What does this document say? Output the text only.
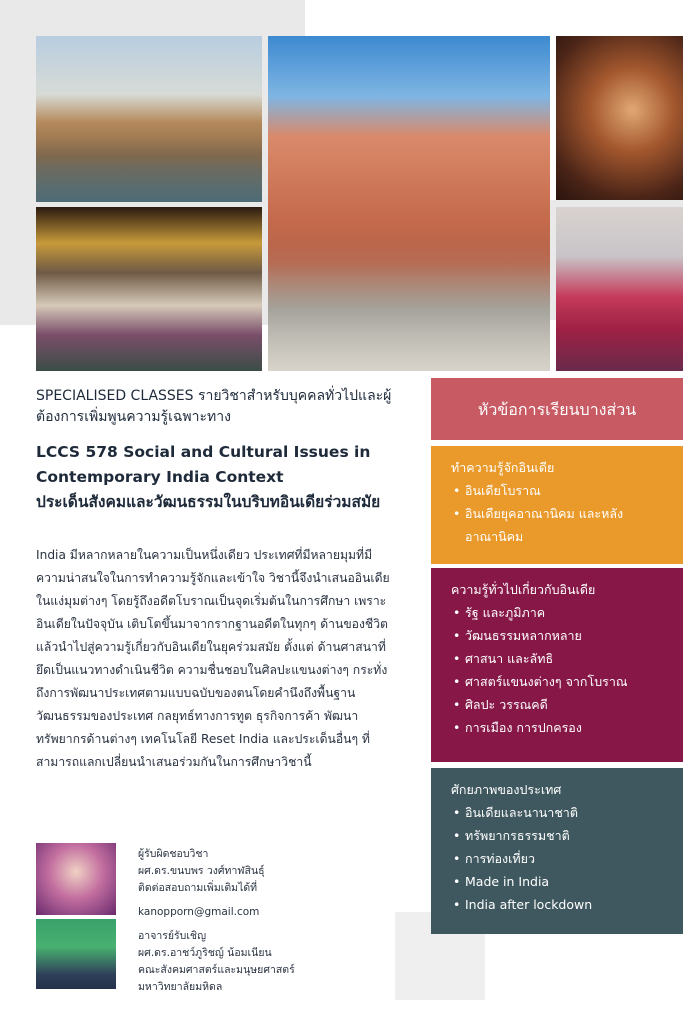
SPECIALISED CLASSES รายวิชาสำหรับบุคคลทั่วไปและผู้ต้องการเพิ่มพูนความรู้เฉพาะทาง
LCCS 578 Social and Cultural Issues in Contemporary India Context
ประเด็นสังคมและวัฒนธรรมในบริบทอินเดียร่วมสมัย
India มีหลากหลายในความเป็นหนึ่งเดียว ประเทศที่มีหลายมุมที่มีความน่าสนใจในการทำความรู้จักและเข้าใจ วิชานี้จึงนำเสนออินเดียในแง่มุมต่างๆ โดยรู้ถึงอดีตโบราณเป็นจุดเริ่มต้นในการศึกษา เพราะอินเดียในปัจจุบัน เติบโตขึ้นมาจากรากฐานอดีตในทุกๆ ด้านของชีวิต แล้วนำไปสู่ความรู้เกี่ยวกับอินเดียในยุคร่วมสมัย ตั้งแต่ ด้านศาสนาที่ยึดเป็นแนวทางดำเนินชีวิต ความชื่นชอบในศิลปะแขนงต่างๆ กระทั่งถึงการพัฒนาประเทศตามแบบฉบับของตนโดยคำนึงถึงพื้นฐานวัฒนธรรมของประเทศ กลยุทธ์ทางการทูต ธุรกิจการค้า พัฒนาทรัพยากรด้านต่างๆ เทคโนโลยี Reset India และประเด็นอื่นๆ ที่สามารถแลกเปลี่ยนนำเสนอร่วมกันในการศึกษาวิชานี้
ผู้รับผิดชอบวิชา
ผศ.ดร.ขนบพร วงศ์ทาฬสินธุ์
ติดต่อสอบถามเพิ่มเติมได้ที่
kanopporn@gmail.com
อาจารย์รับเชิญ
ผศ.ดร.อาชว์ภูริชญ์ น้อมเนียน
คณะสังคมศาสตร์และมนุษยศาสตร์
มหาวิทยาลัยมหิดล
หัวข้อการเรียนบางส่วน
ทำความรู้จักอินเดีย
• อินเดียโบราณ
• อินเดียยุคอาณานิคม และหลังอาณานิคม
ความรู้ทั่วไปเกี่ยวกับอินเดีย
• รัฐ และภูมิภาค
• วัฒนธรรมหลากหลาย
• ศาสนา และลัทธิ
• ศาสตร์แขนงต่างๆ จากโบราณ
• ศิลปะ วรรณคดี
• การเมือง การปกครอง
ศักยภาพของประเทศ
• อินเดียและนานาชาติ
• ทรัพยากรธรรมชาติ
• การท่องเที่ยว
• Made in India
• India after lockdown
